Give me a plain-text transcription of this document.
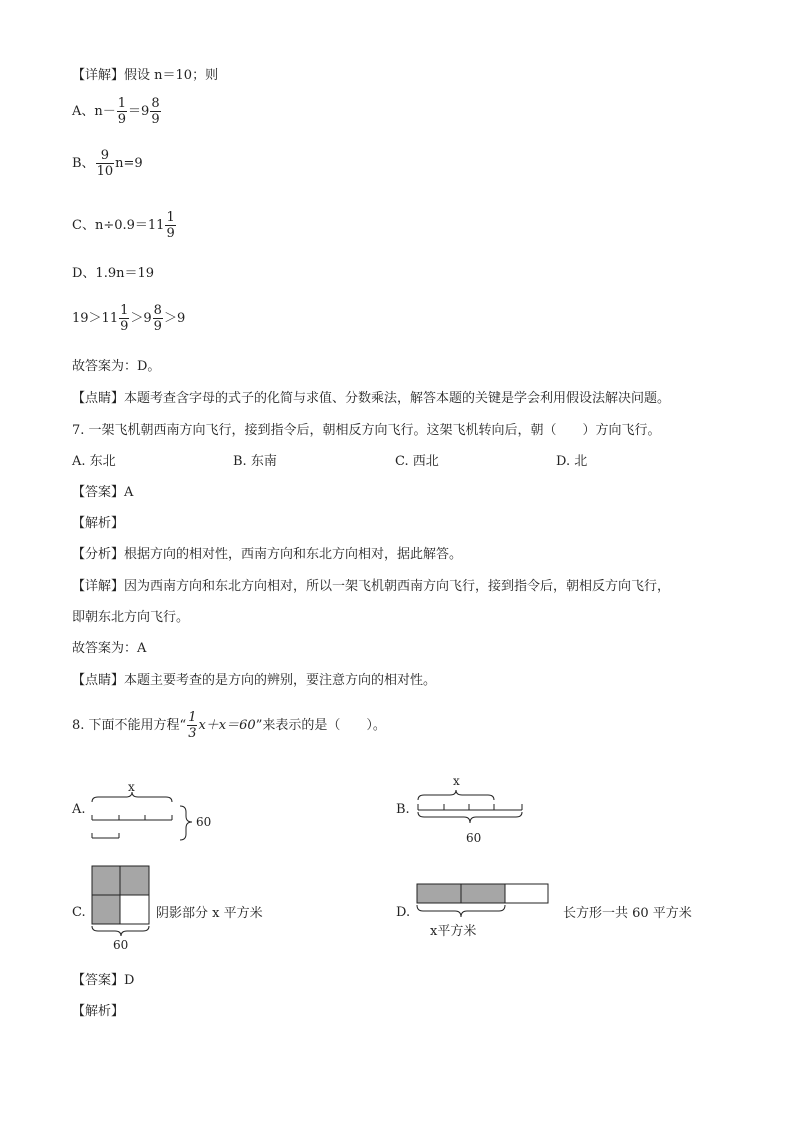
【详解】假设 n＝10；则
A、$n- \frac{1}{9} =9 \frac{8}{9}$
B、 $\frac{9}{10} n=9$
C、$n\div 0.9=11 \frac{1}{9}$
D、1.9n＝19
$19>11 \frac{1}{9} >9 \frac{8}{9} >9$
故答案为：D。
【点睛】本题考查含字母的式子的化简与求值、分数乘法，解答本题的关键是学会利用假设法解决问题。
7. 一架飞机朝西南方向飞行，接到指令后，朝相反方向飞行。这架飞机转向后，朝（　　）方向飞行。
A. 东北	B. 东南	C. 西北	D. 北
【答案】A
【解析】
【分析】根据方向的相对性，西南方向和东北方向相对，据此解答。
【详解】因为西南方向和东北方向相对，所以一架飞机朝西南方向飞行，接到指令后，朝相反方向飞行，
即朝东北方向飞行。
故答案为：A
【点睛】本题主要考查的是方向的辨别，要注意方向的相对性。
8. 下面不能用方程“ $\frac{1}{3} x+x=60$”来表示的是（　　）。
A.
x
60
B.
x
60
C.
60
阴影部分 x 平方米	D.
x平方米
长方形一共 60 平方米
【答案】D
【解析】
